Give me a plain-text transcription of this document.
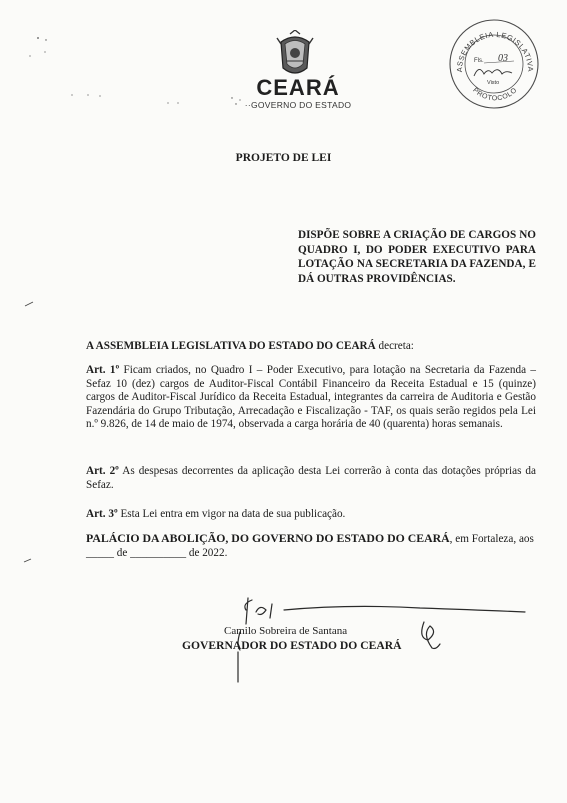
CEARÁ
··GOVERNO DO ESTADO
ASSEMBLEIA LEGISLATIVA
PROTOCOLO
Fls. 03
Visto
PROJETO DE LEI
DISPÕE SOBRE A CRIAÇÃO DE CARGOS NO QUADRO I, DO PODER EXECUTIVO PARA LOTAÇÃO NA SECRETARIA DA FAZENDA, E DÁ OUTRAS PROVIDÊNCIAS.
A ASSEMBLEIA LEGISLATIVA DO ESTADO DO CEARÁ decreta:
Art. 1º Ficam criados, no Quadro I – Poder Executivo, para lotação na Secretaria da Fazenda – Sefaz 10 (dez) cargos de Auditor-Fiscal Contábil Financeiro da Receita Estadual e 15 (quinze) cargos de Auditor-Fiscal Jurídico da Receita Estadual, integrantes da carreira de Auditoria e Gestão Fazendária do Grupo Tributação, Arrecadação e Fiscalização - TAF, os quais serão regidos pela Lei n.º 9.826, de 14 de maio de 1974, observada a carga horária de 40 (quarenta) horas semanais.
Art. 2º As despesas decorrentes da aplicação desta Lei correrão à conta das dotações próprias da Sefaz.
Art. 3º Esta Lei entra em vigor na data de sua publicação.
PALÁCIO DA ABOLIÇÃO, DO GOVERNO DO ESTADO DO CEARÁ, em Fortaleza, aos
_____ de __________ de 2022.
Camilo Sobreira de Santana
GOVERNADOR DO ESTADO DO CEARÁ
